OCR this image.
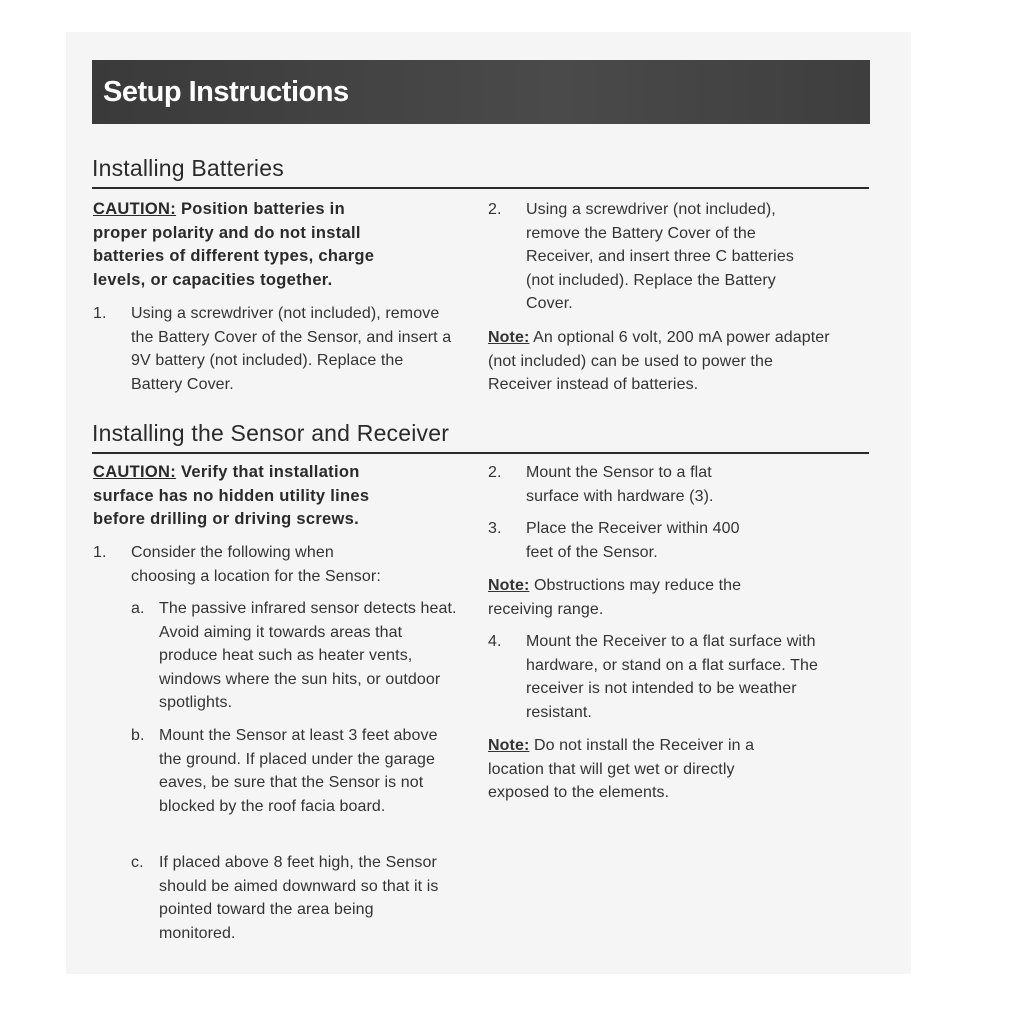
Setup Instructions
Installing Batteries

CAUTION: Position batteries in proper polarity and do not install batteries of different types, charge levels, or capacities together.

1.	Using a screwdriver (not included), remove the Battery Cover of the Sensor, and insert a 9V battery (not included). Replace the Battery Cover.
2.	Using a screwdriver (not included), remove the Battery Cover of the Receiver, and insert three C batteries (not included). Replace the Battery Cover.

Note: An optional 6 volt, 200 mA power adapter (not included) can be used to power the Receiver instead of batteries.

Installing the Sensor and Receiver

CAUTION: Verify that installation surface has no hidden utility lines before drilling or driving screws.

1.	Consider the following when choosing a location for the Sensor:
a. The passive infrared sensor detects heat. Avoid aiming it towards areas that produce heat such as heater vents, windows where the sun hits, or outdoor spotlights.
b. Mount the Sensor at least 3 feet above the ground. If placed under the garage eaves, be sure that the Sensor is not blocked by the roof facia board.
c. If placed above 8 feet high, the Sensor should be aimed downward so that it is pointed toward the area being monitored.
2.	Mount the Sensor to a flat surface with hardware (3).
3.	Place the Receiver within 400 feet of the Sensor.

Note: Obstructions may reduce the receiving range.

4.	Mount the Receiver to a flat surface with hardware, or stand on a flat surface. The receiver is not intended to be weather resistant.

Note: Do not install the Receiver in a location that will get wet or directly exposed to the elements.
